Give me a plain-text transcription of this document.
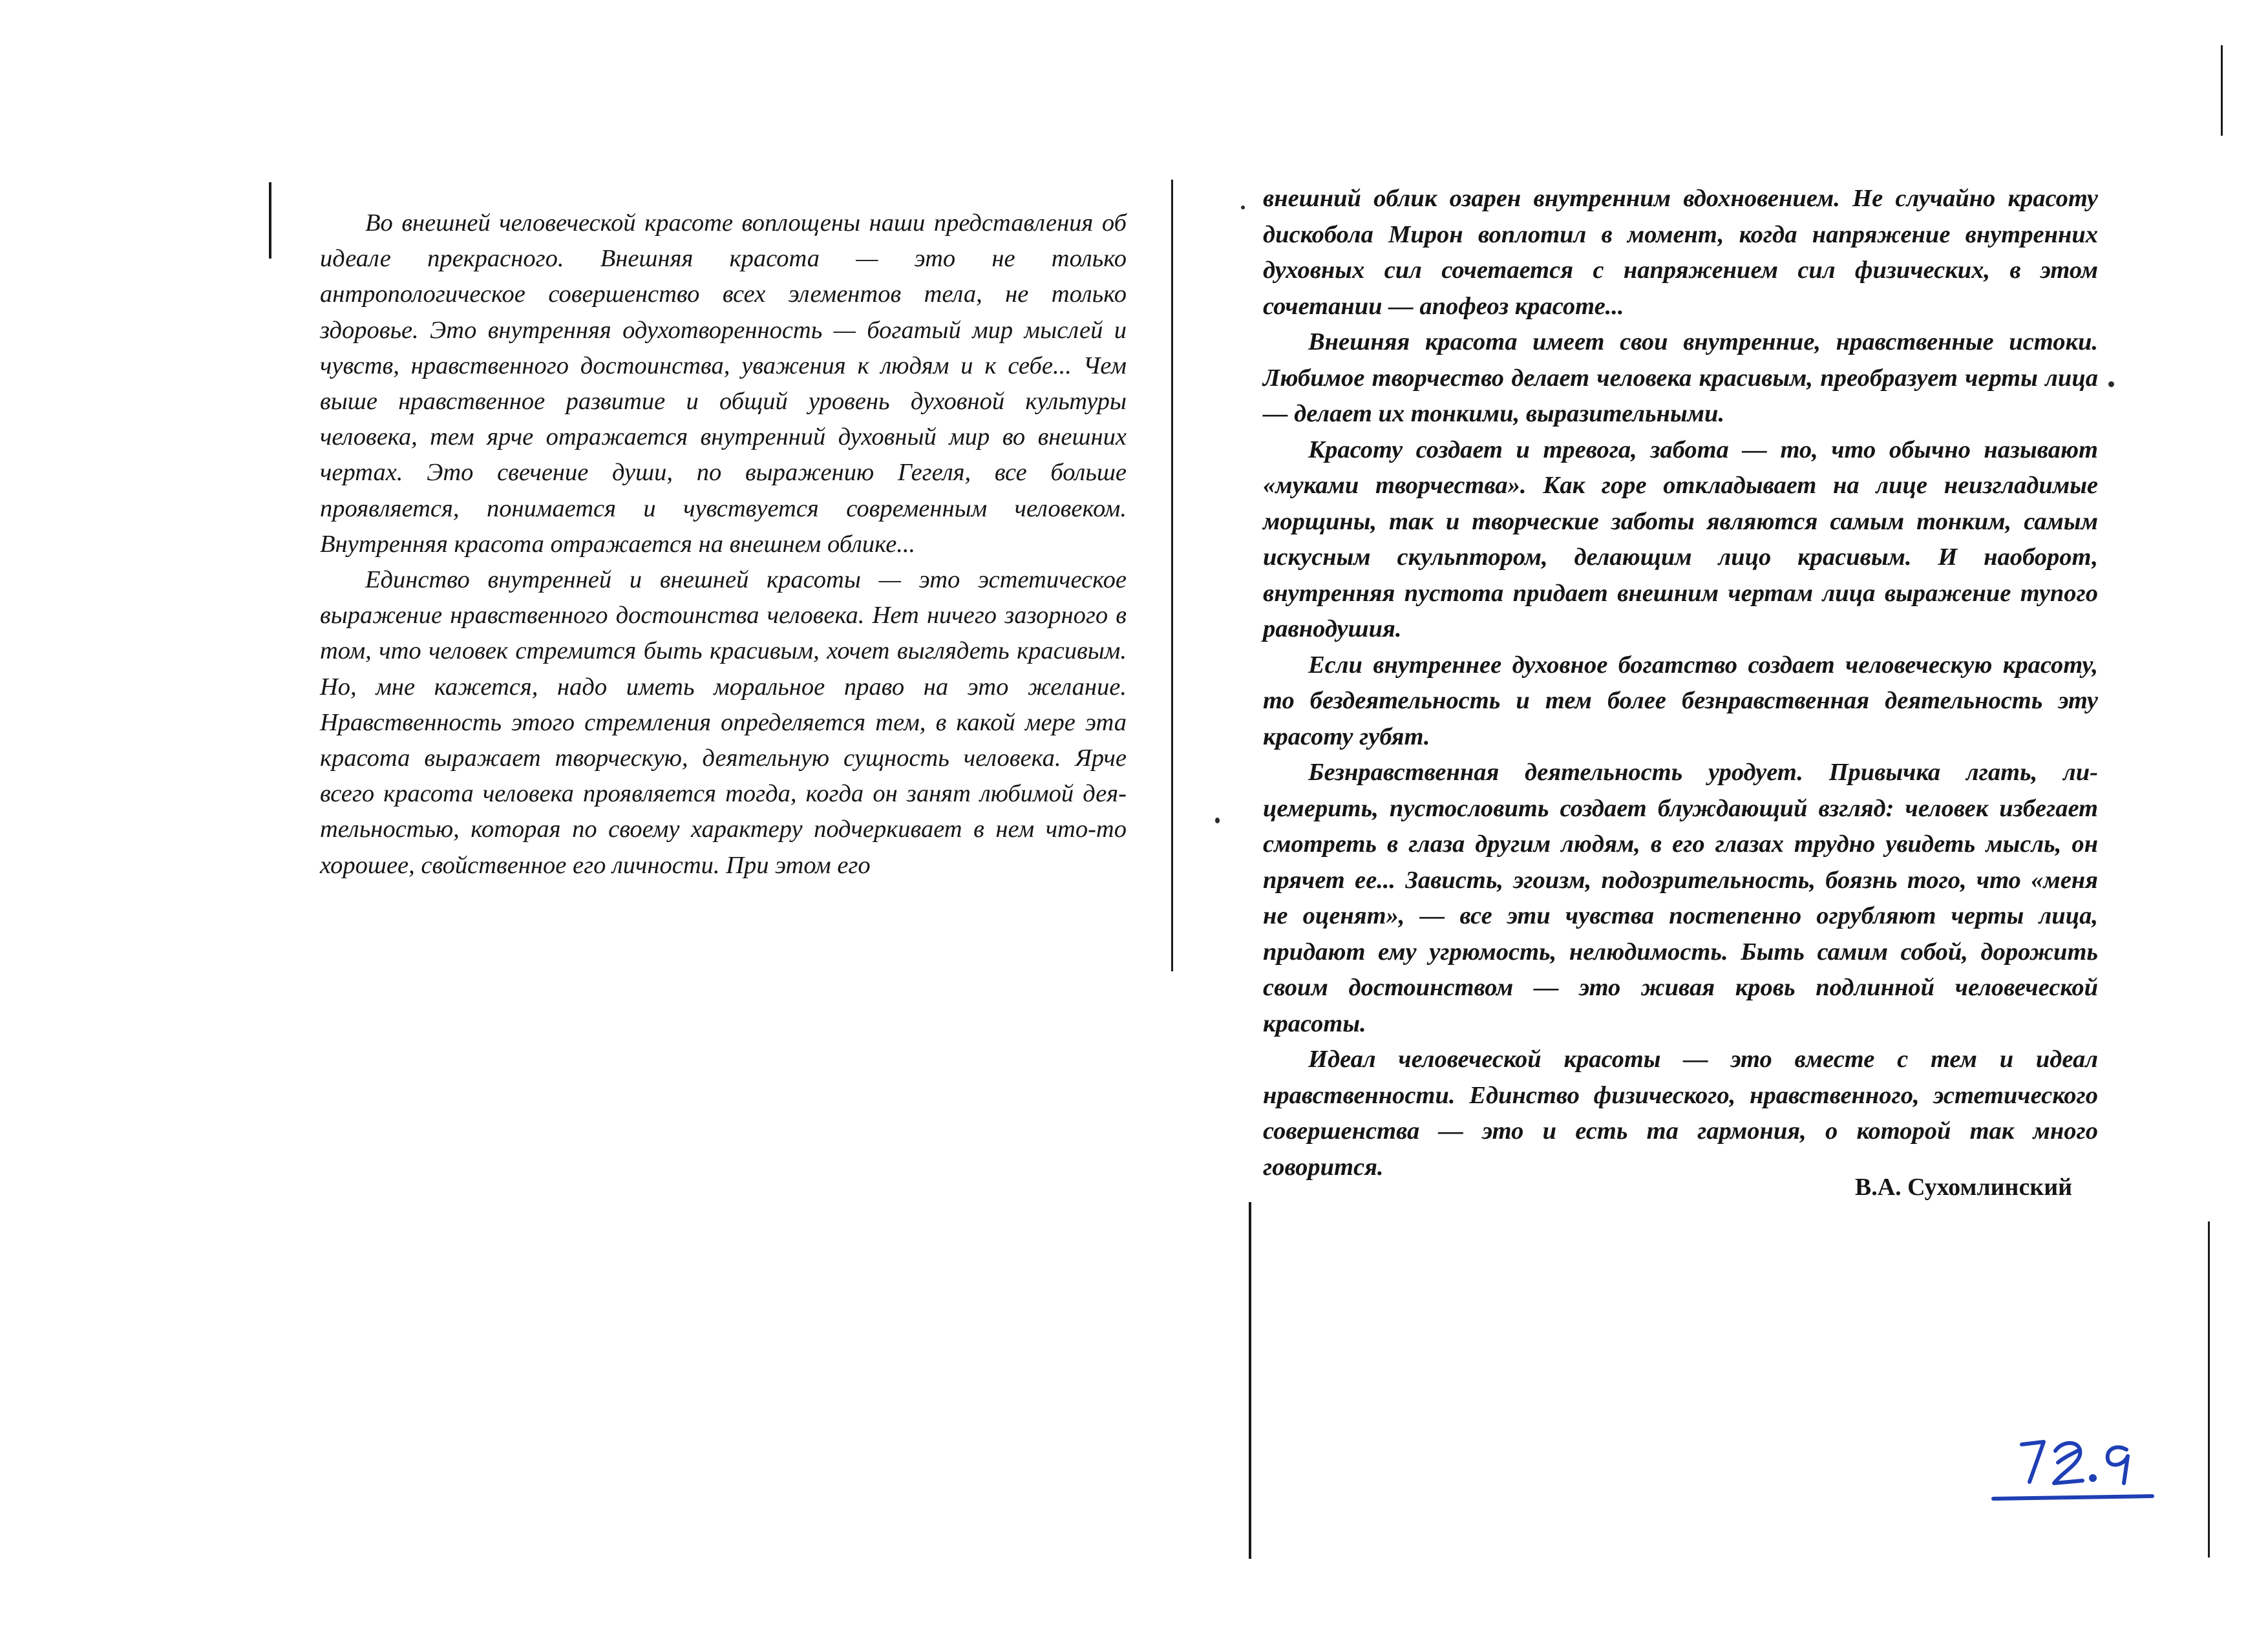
Во внешней человеческой красоте воплощены наши представления об идеале прекрасного. Внешняя красота — это не только антропологическое совершенство всех элементов тела, не только здоровье. Это внутренняя одухотворенность — богатый мир мыслей и чувств, нравственного достоинства, уважения к людям и к себе... Чем выше нравственное развитие и общий уровень духовной культуры человека, тем ярче отражается внутренний духовный мир во внешних чертах. Это свечение души, по выражению Гегеля, все больше проявляется, понимается и чувствуется современным человеком. Внутренняя красота отражается на внешнем облике...

Единство внутренней и внешней красоты — это эстетическое выражение нравственного достоинства человека. Нет ничего зазорного в том, что человек стремится быть красивым, хочет выглядеть красивым. Но, мне кажется, надо иметь моральное право на это желание. Нравственность этого стремления определяется тем, в какой мере эта красота выражает творческую, деятельную сущность человека. Ярче всего красота человека проявляется тогда, когда он занят любимой деятельностью, которая по своему характеру подчеркивает в нем что-то хорошее, свойственное его личности. При этом его

внешний облик озарен внутренним вдохновением. Не случайно красоту дискобола Мирон воплотил в момент, когда напряжение внутренних духовных сил сочетается с напряжением сил физических, в этом сочетании — апофеоз красоте...

Внешняя красота имеет свои внутренние, нравственные истоки. Любимое творчество делает человека красивым, преобразует черты лица — делает их тонкими, выразительными.

Красоту создает и тревога, забота — то, что обычно называют «муками творчества». Как горе откладывает на лице неизгладимые морщины, так и творческие заботы являются самым тонким, самым искусным скульптором, делающим лицо красивым. И наоборот, внутренняя пустота придает внешним чертам лица выражение тупого равнодушия.

Если внутреннее духовное богатство создает человеческую красоту, то бездеятельность и тем более безнравственная деятельность эту красоту губят.

Безнравственная деятельность уродует. Привычка лгать, лицемерить, пустословить создает блуждающий взгляд: человек избегает смотреть в глаза другим людям, в его глазах трудно увидеть мысль, он прячет ее... Зависть, эгоизм, подозрительность, боязнь того, что «меня не оценят», — все эти чувства постепенно огрубляют черты лица, придают ему угрюмость, нелюдимость. Быть самим собой, дорожить своим достоинством — это живая кровь подлинной человеческой красоты.

Идеал человеческой красоты — это вместе с тем и идеал нравственности. Единство физического, нравственного, эстетического совершенства — это и есть та гармония, о которой так много говорится.

В.А. Сухомлинский
